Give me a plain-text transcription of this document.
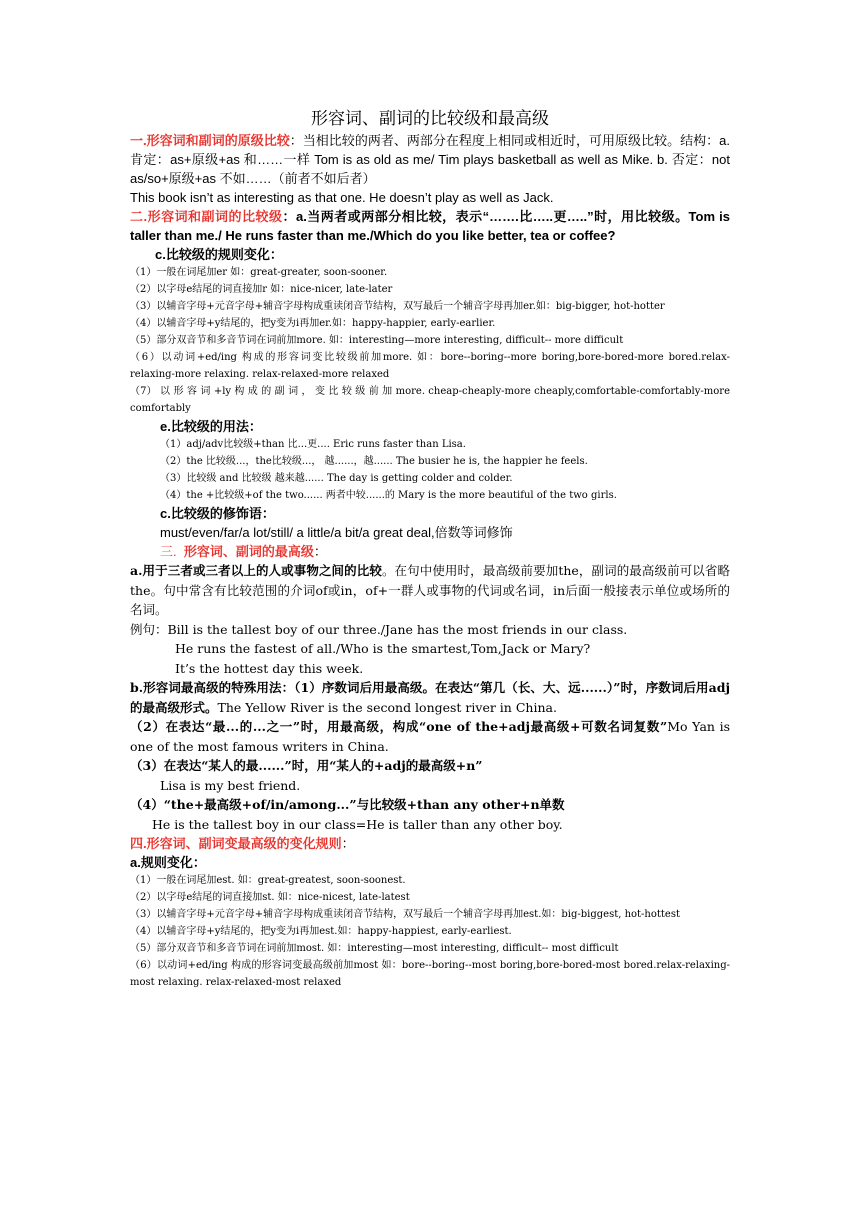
形容词、副词的比较级和最高级
一.形容词和副词的原级比较：当相比较的两者、两部分在程度上相同或相近时，可用原级比较。结构：a. 肯定：as+原级+as 和……一样 Tom is as old as me/ Tim plays basketball as well as Mike. b. 否定：not as/so+原级+as 不如……（前者不如后者）
This book isn’t as interesting as that one. He doesn’t play as well as Jack.
二.形容词和副词的比较级：a.当两者或两部分相比较，表示“…….比…..更…..”时，用比较级。Tom is taller than me./ He runs faster than me./Which do you like better, tea or coffee?
c.比较级的规则变化：
（1）一般在词尾加er 如：great-greater, soon-sooner.
（2）以字母e结尾的词直接加r 如：nice-nicer, late-later
（3）以辅音字母+元音字母+辅音字母构成重读闭音节结构，双写最后一个辅音字母再加er.如：big-bigger, hot-hotter
（4）以辅音字母+y结尾的，把y变为i再加er.如：happy-happier, early-earlier.
（5）部分双音节和多音节词在词前加more. 如：interesting—more interesting, difficult-- more difficult
（6）以动词+ed/ing 构成的形容词变比较级前加more. 如：bore--boring--more boring,bore-bored-more bored.relax-relaxing-more relaxing. relax-relaxed-more relaxed
（7） 以 形 容 词 +ly 构 成 的 副 词 ， 变 比 较 级 前 加 more. cheap-cheaply-more cheaply,comfortable-comfortably-more comfortably
e.比较级的用法：
（1）adj/adv比较级+than 比...更.... Eric runs faster than Lisa.
（2）the 比较级...，the比较级...， 越......，越...... The busier he is, the happier he feels.
（3）比较级 and 比较级 越来越...... The day is getting colder and colder.
（4）the +比较级+of the two...... 两者中较......的 Mary is the more beautiful of the two girls.
c.比较级的修饰语：
must/even/far/a lot/still/ a little/a bit/a great deal,倍数等词修饰
三. 形容词、副词的最高级：
a.用于三者或三者以上的人或事物之间的比较。在句中使用时，最高级前要加the，副词的最高级前可以省略the。句中常含有比较范围的介词of或in，of+一群人或事物的代词或名词，in后面一般接表示单位或场所的名词。
例句：Bill is the tallest boy of our three./Jane has the most friends in our class.
He runs the fastest of all./Who is the smartest,Tom,Jack or Mary?
It’s the hottest day this week.
b.形容词最高级的特殊用法：（1）序数词后用最高级。在表达“第几（长、大、远......）”时，序数词后用adj的最高级形式。The Yellow River is the second longest river in China.
（2）在表达“最...的...之一”时，用最高级，构成“one of the+adj最高级+可数名词复数”Mo Yan is one of the most famous writers in China.
（3）在表达“某人的最......”时，用“某人的+adj的最高级+n”
Lisa is my best friend.
（4）“the+最高级+of/in/among...”与比较级+than any other+n单数
He is the tallest boy in our class=He is taller than any other boy.
四.形容词、副词变最高级的变化规则：
a.规则变化：
（1）一般在词尾加est. 如：great-greatest, soon-soonest.
（2）以字母e结尾的词直接加st. 如：nice-nicest, late-latest
（3）以辅音字母+元音字母+辅音字母构成重读闭音节结构，双写最后一个辅音字母再加est.如：big-biggest, hot-hottest
（4）以辅音字母+y结尾的，把y变为i再加est.如：happy-happiest, early-earliest.
（5）部分双音节和多音节词在词前加most. 如：interesting—most interesting, difficult-- most difficult
（6）以动词+ed/ing 构成的形容词变最高级前加most 如：bore--boring--most boring,bore-bored-most bored.relax-relaxing-most relaxing. relax-relaxed-most relaxed
